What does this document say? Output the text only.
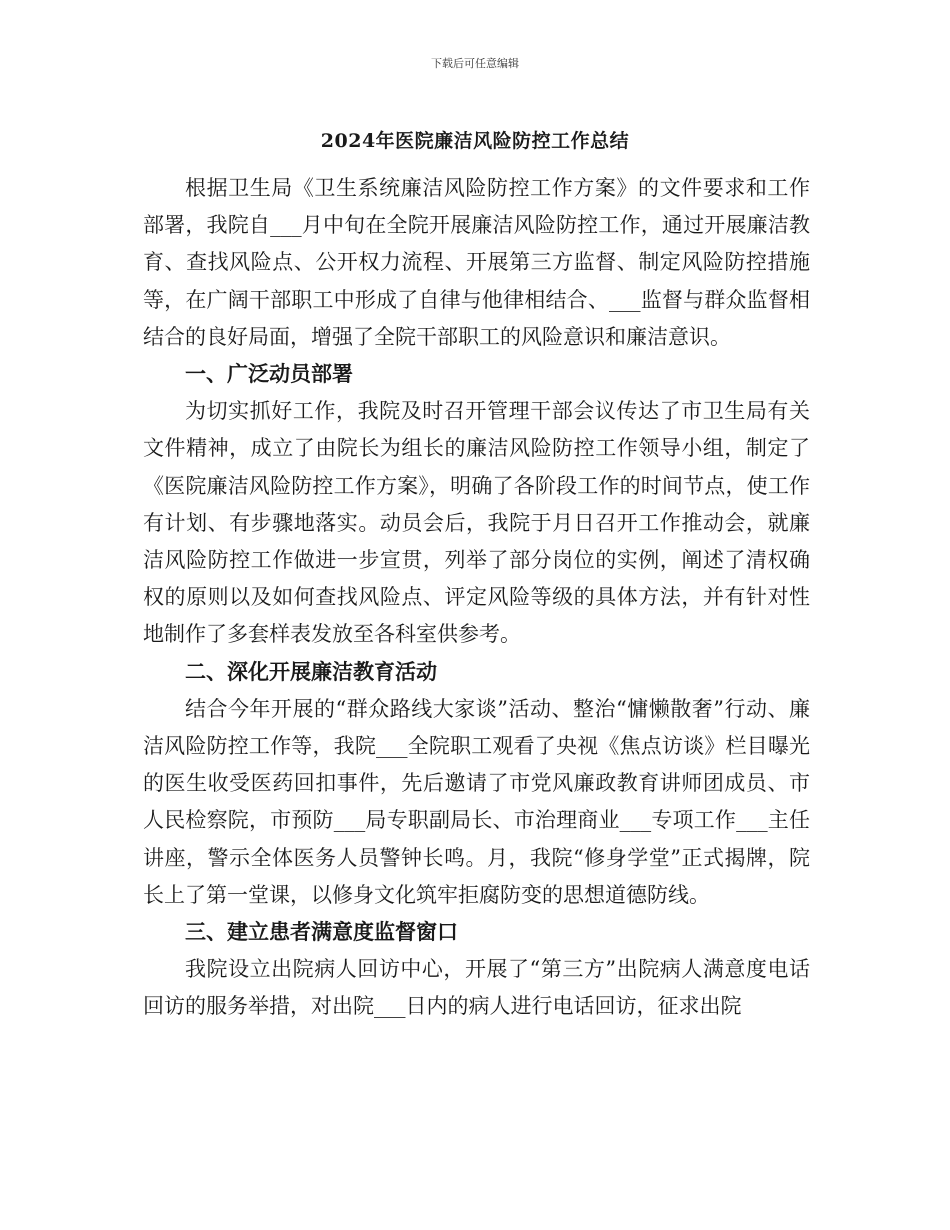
下载后可任意编辑
2024年医院廉洁风险防控工作总结

根据卫生局《卫生系统廉洁风险防控工作方案》的文件要求和工作部署，我院自___月中旬在全院开展廉洁风险防控工作，通过开展廉洁教育、查找风险点、公开权力流程、开展第三方监督、制定风险防控措施等，在广阔干部职工中形成了自律与他律相结合、___监督与群众监督相结合的良好局面，增强了全院干部职工的风险意识和廉洁意识。

一、广泛动员部署

为切实抓好工作，我院及时召开管理干部会议传达了市卫生局有关文件精神，成立了由院长为组长的廉洁风险防控工作领导小组，制定了《医院廉洁风险防控工作方案》，明确了各阶段工作的时间节点，使工作有计划、有步骤地落实。动员会后，我院于月日召开工作推动会，就廉洁风险防控工作做进一步宣贯，列举了部分岗位的实例，阐述了清权确权的原则以及如何查找风险点、评定风险等级的具体方法，并有针对性地制作了多套样表发放至各科室供参考。

二、深化开展廉洁教育活动

结合今年开展的“群众路线大家谈”活动、整治“慵懒散奢”行动、廉洁风险防控工作等，我院___全院职工观看了央视《焦点访谈》栏目曝光的医生收受医药回扣事件，先后邀请了市党风廉政教育讲师团成员、市人民检察院，市预防___局专职副局长、市治理商业___专项工作___主任讲座，警示全体医务人员警钟长鸣。月，我院“修身学堂”正式揭牌，院长上了第一堂课，以修身文化筑牢拒腐防变的思想道德防线。

三、建立患者满意度监督窗口

我院设立出院病人回访中心，开展了“第三方”出院病人满意度电话回访的服务举措，对出院___日内的病人进行电话回访，征求出院
